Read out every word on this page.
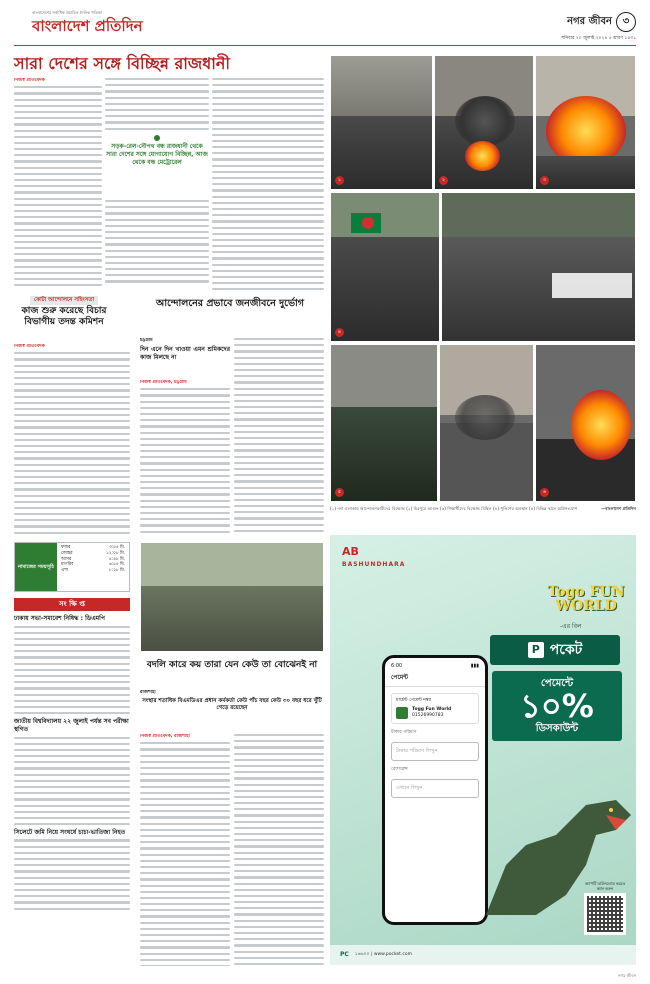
বাংলাদেশের সর্বাধিক প্রচারিত দৈনিক পত্রিকা
বাংলাদেশ প্রতিদিন	নগর জীবন	৩
শনিবার ২০ জুলাই ২০২৪ ৫ শ্রাবণ ১৪৩১
সারা দেশের সঙ্গে বিচ্ছিন্ন রাজধানী
নিজস্ব প্রতিবেদক
সড়ক-রেল-নৌপথ বন্ধ রাজধানী থেকে সারা দেশের সঙ্গে যোগাযোগ বিচ্ছিন্ন, আজ থেকে বন্ধ মেট্রোরেল
কোটা আন্দোলনে সহিংসতা
কাজ শুরু করেছে বিচার বিভাগীয় তদন্ত কমিশন
নিজস্ব প্রতিবেদক
আন্দোলনের প্রভাবে জনজীবনে দুর্ভোগ
চট্টগ্রাম
দিন এনে দিন খাওয়া এমন শ্রমিকদের কাজ মিলছে না
নিজস্ব প্রতিবেদক, চট্টগ্রাম
১	২	৩
৪
৫	৬
(১) নর্দা এলাকায় আন্দোলনকারীদের বিক্ষোভ (২) মিরপুরে আগুন (৩) শিক্ষার্থীদের বিক্ষোভ মিছিল (৪) পুলিশের অবস্থান (৫) বিভিন্ন স্থানে অগ্নিসংযোগ	—বাংলাদেশ প্রতিদিন
নামাজের সময়সূচি
ফজর	৩:৫৫ মি.
জোহর	১২:০৮ মি.
আসর	৪:৪৮ মি.
মাগরিব	৬:৫৫ মি.
এশা	৮:২৮ মি.
সং ক্ষি প্ত
ঢাকায় সভা-সমাবেশ নিষিদ্ধ : ডিএমপি
জাতীয় বিশ্ববিদ্যালয় ২২ জুলাই পর্যন্ত সব পরীক্ষা স্থগিত
সিলেটে জমি নিয়ে সংঘর্ষে চাচা-ভাতিজা নিহত
বদলি কারে কয় তারা যেন কেউ তা বোঝেনই না
রাজশাহী
সংস্থার শতাধিক বিএমডিএর প্রধান কর্মকর্তা কেউ পাঁচ বছর কেউ ৩০ বছর ধরে খুঁটি গেড়ে রয়েছেন
নিজস্ব প্রতিবেদক, রাজশাহী
AB
BASHUNDHARA
Togo FUN WORLD
-এর বিল
P পকেট
পেমেন্টে
১০%
ডিসকাউন্ট
6:00	▮▮▮
পেমেন্ট
মার্চেন্ট পেমেন্ট নম্বর
Togg Fun World
01526990783
টাকার পরিমাণ
টাকার পরিমাণ লিখুন
রেফারেন্স
এখানে লিখুন
অ্যাপটি ডাউনলোড করতে স্ক্যান করুন
PC ১৬৬০০ | www.pocket.com
নগর জীবন
